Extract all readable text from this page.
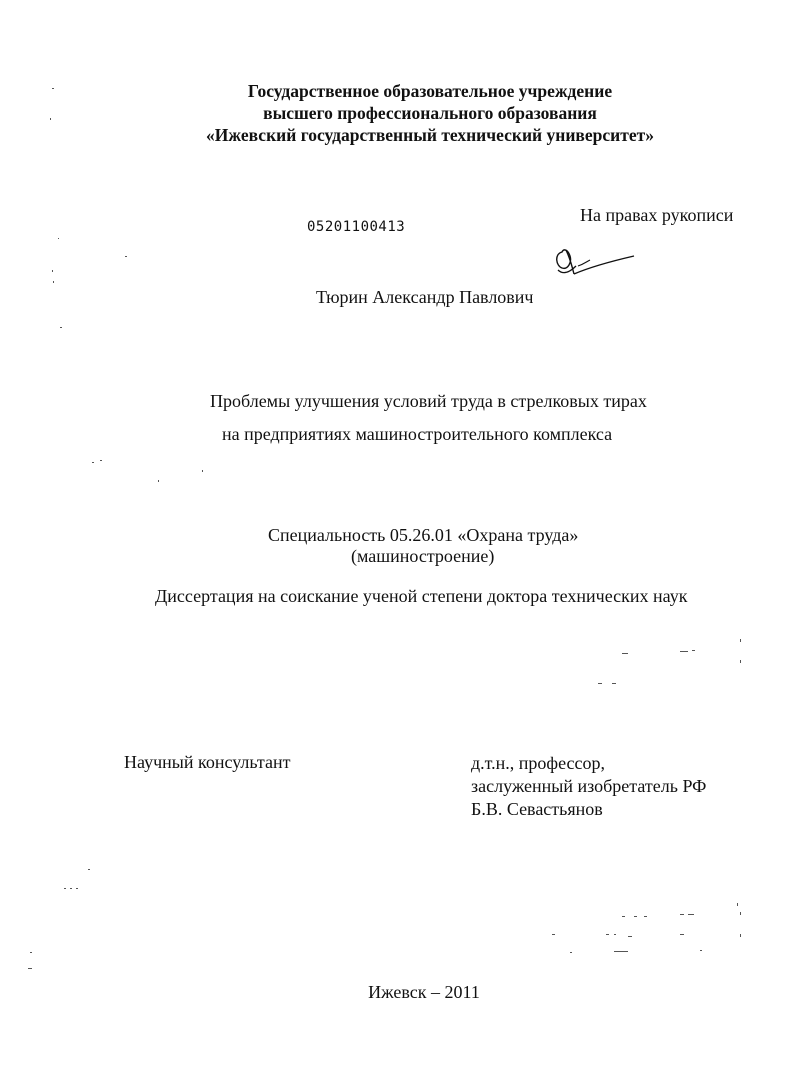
Государственное образовательное учреждение
высшего профессионального образования
«Ижевский государственный технический университет»
05201100413
На правах рукописи
Тюрин Александр Павлович
Проблемы улучшения условий труда в стрелковых тирах
на предприятиях машиностроительного комплекса
Специальность 05.26.01 «Охрана труда»
(машиностроение)
Диссертация на соискание ученой степени доктора технических наук
Научный консультант	д.т.н., профессор,
заслуженный изобретатель РФ
Б.В. Севастьянов
Ижевск – 2011
